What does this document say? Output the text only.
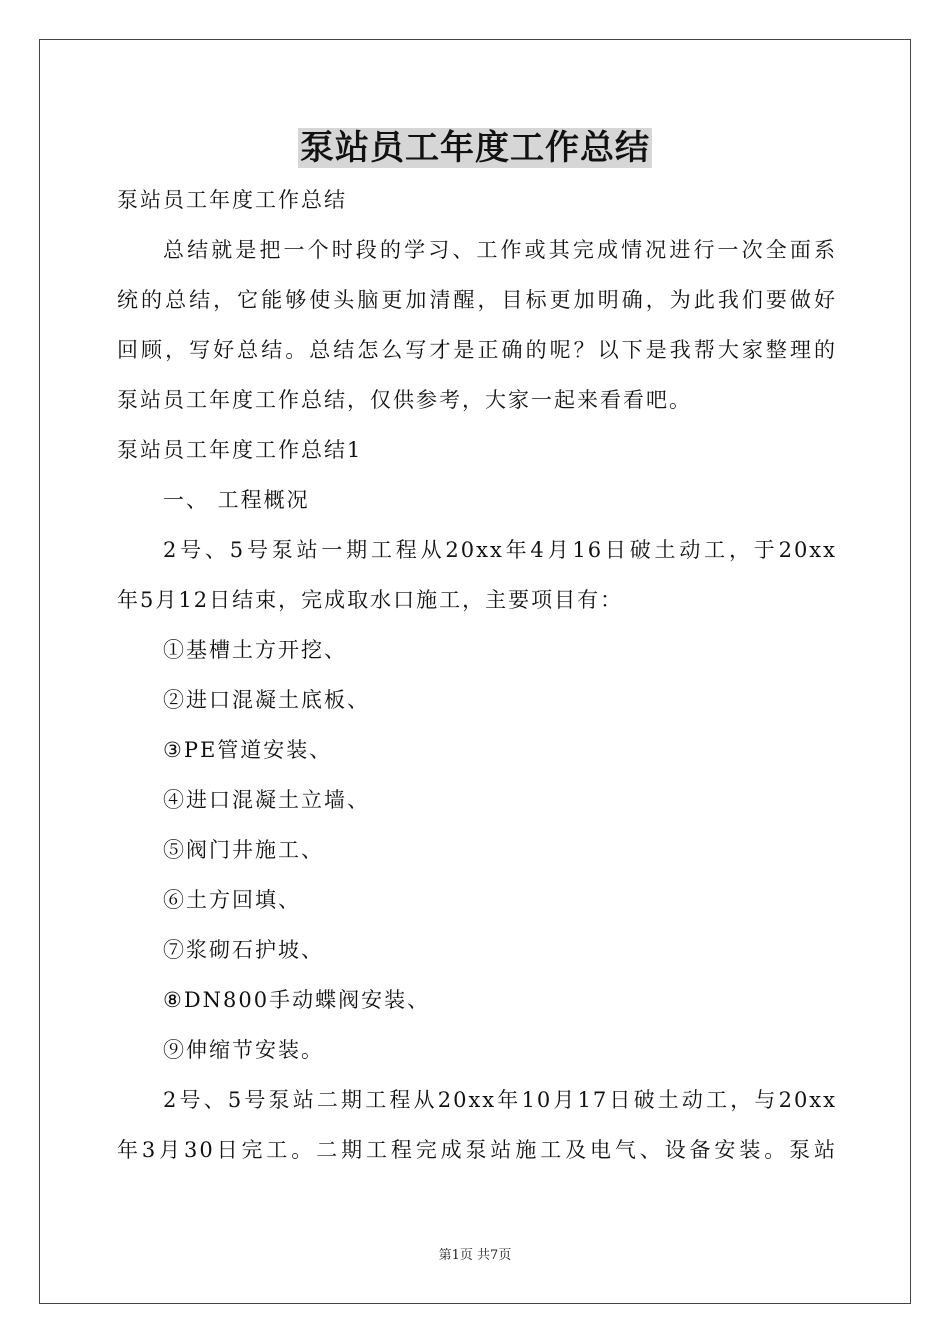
泵站员工年度工作总结
泵站员工年度工作总结
总结就是把一个时段的学习、工作或其完成情况进行一次全面系
统的总结，它能够使头脑更加清醒，目标更加明确，为此我们要做好
回顾，写好总结。总结怎么写才是正确的呢？以下是我帮大家整理的
泵站员工年度工作总结，仅供参考，大家一起来看看吧。
泵站员工年度工作总结1
一、 工程概况
2号、5号泵站一期工程从20xx年4月16日破土动工，于20xx
年5月12日结束，完成取水口施工，主要项目有：
①基槽土方开挖、
②进口混凝土底板、
③PE管道安装、
④进口混凝土立墙、
⑤阀门井施工、
⑥土方回填、
⑦浆砌石护坡、
⑧DN800手动蝶阀安装、
⑨伸缩节安装。
2号、5号泵站二期工程从20xx年10月17日破土动工，与20xx
年3月30日完工。二期工程完成泵站施工及电气、设备安装。泵站
第1页 共7页
